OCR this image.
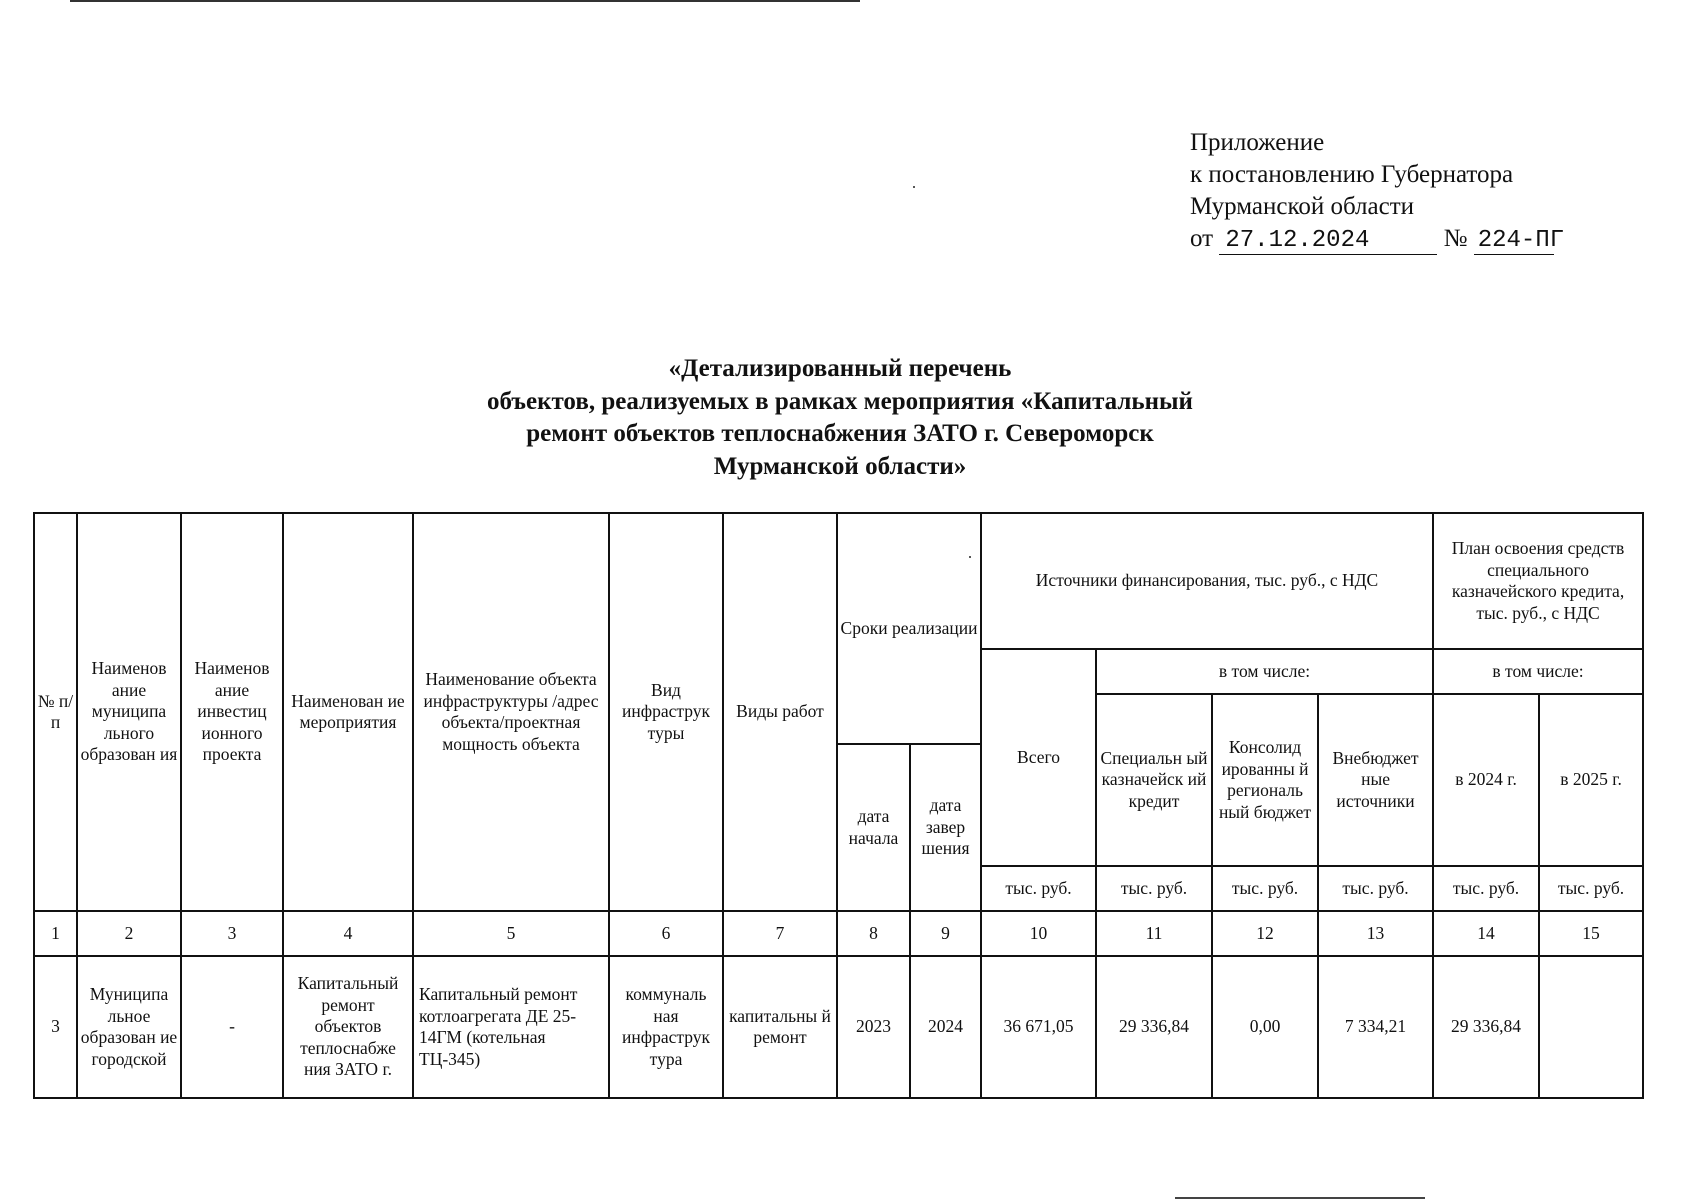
Приложение
к постановлению Губернатора
Мурманской области
от 27.12.2024	№ 224-ПГ
«Детализированный перечень
объектов, реализуемых в рамках мероприятия «Капитальный
ремонт объектов теплоснабжения ЗАТО г. Североморск
Мурманской области»
№ п/п	Наименов ание муниципа льного образован ия	Наименов ание инвестиц ионного проекта	Наименован ие мероприятия	Наименование объекта инфраструктуры /адрес объекта/проектная мощность объекта	Вид инфраструк туры	Виды работ	Сроки реализации		Источники финансирования, тыс. руб., с НДС				План освоения средств специального казначейского кредита, тыс. руб., с НДС	
									Всего	в том числе:			в том числе:	
										Специальн ый казначейск ий кредит	Консолид ированны й региональ ный бюджет	Внебюджет ные источники	в 2024 г.	в 2025 г.
							дата начала	дата завер шения						
									тыс. руб.	тыс. руб.	тыс. руб.	тыс. руб.	тыс. руб.	тыс. руб.
1	2	3	4	5	6	7	8	9	10	11	12	13	14	15
3	Муниципа льное образован ие городской	-	Капитальный ремонт объектов теплоснабже ния ЗАТО г.	Капитальный ремонт котлоагрегата ДЕ 25-14ГМ (котельная ТЦ-345)	коммуналь ная инфраструк тура	капитальны й ремонт	2023	2024	36 671,05	29 336,84	0,00	7 334,21	29 336,84	
